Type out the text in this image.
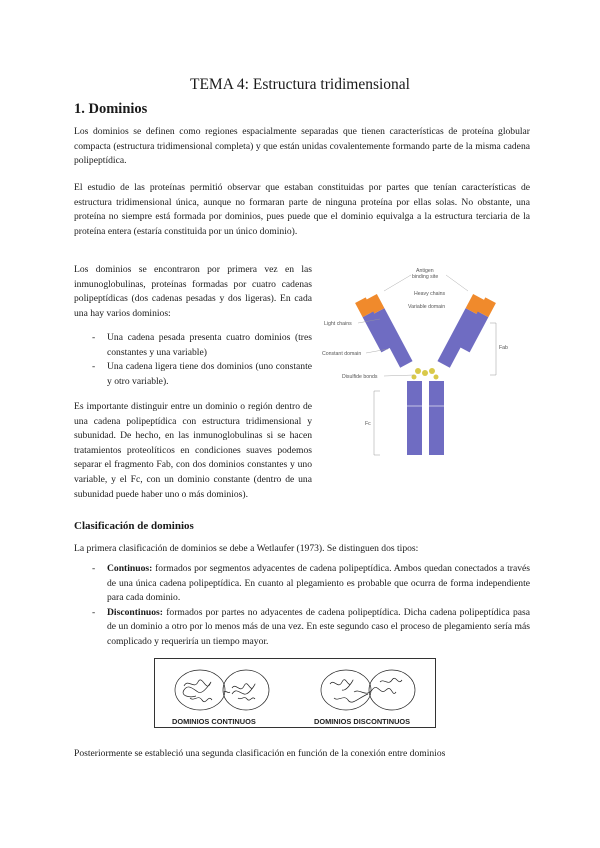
TEMA 4: Estructura tridimensional
1. Dominios
Los dominios se definen como regiones espacialmente separadas que tienen características de proteína globular compacta (estructura tridimensional completa) y que están unidas covalentemente formando parte de la misma cadena polipeptídica.
El estudio de las proteínas permitió observar que estaban constituidas por partes que tenían características de estructura tridimensional única, aunque no formaran parte de ninguna proteína por ellas solas. No obstante, una proteína no siempre está formada por dominios, pues puede que el dominio equivalga a la estructura terciaria de la proteína entera (estaría constituida por un único dominio).
Los dominios se encontraron por primera vez en las inmunoglobulinas, proteínas formadas por cuatro cadenas polipeptídicas (dos cadenas pesadas y dos ligeras). En cada una hay varios dominios:
- Una cadena pesada presenta cuatro dominios (tres constantes y una variable)
- Una cadena ligera tiene dos dominios (uno constante y otro variable).
Es importante distinguir entre un dominio o región dentro de una cadena polipeptídica con estructura tridimensional y subunidad. De hecho, en las inmunoglobulinas si se hacen tratamientos proteolíticos en condiciones suaves podemos separar el fragmento Fab, con dos dominios constantes y uno variable, y el Fc, con un dominio constante (dentro de una subunidad puede haber uno o más dominios).
Antigen
binding site
Heavy chains
Variable domain
Light chains
Constant domain
Disulfide bonds
Fab
Fc
Clasificación de dominios
La primera clasificación de dominios se debe a Wetlaufer (1973). Se distinguen dos tipos:
- Continuos: formados por segmentos adyacentes de cadena polipeptídica. Ambos quedan conectados a través de una única cadena polipeptídica. En cuanto al plegamiento es probable que ocurra de forma independiente para cada dominio.
- Discontinuos: formados por partes no adyacentes de cadena polipeptídica. Dicha cadena polipeptídica pasa de un dominio a otro por lo menos más de una vez. En este segundo caso el proceso de plegamiento sería más complicado y requeriría un tiempo mayor.
DOMINIOS CONTINUOS	DOMINIOS DISCONTINUOS
Posteriormente se estableció una segunda clasificación en función de la conexión entre dominios
